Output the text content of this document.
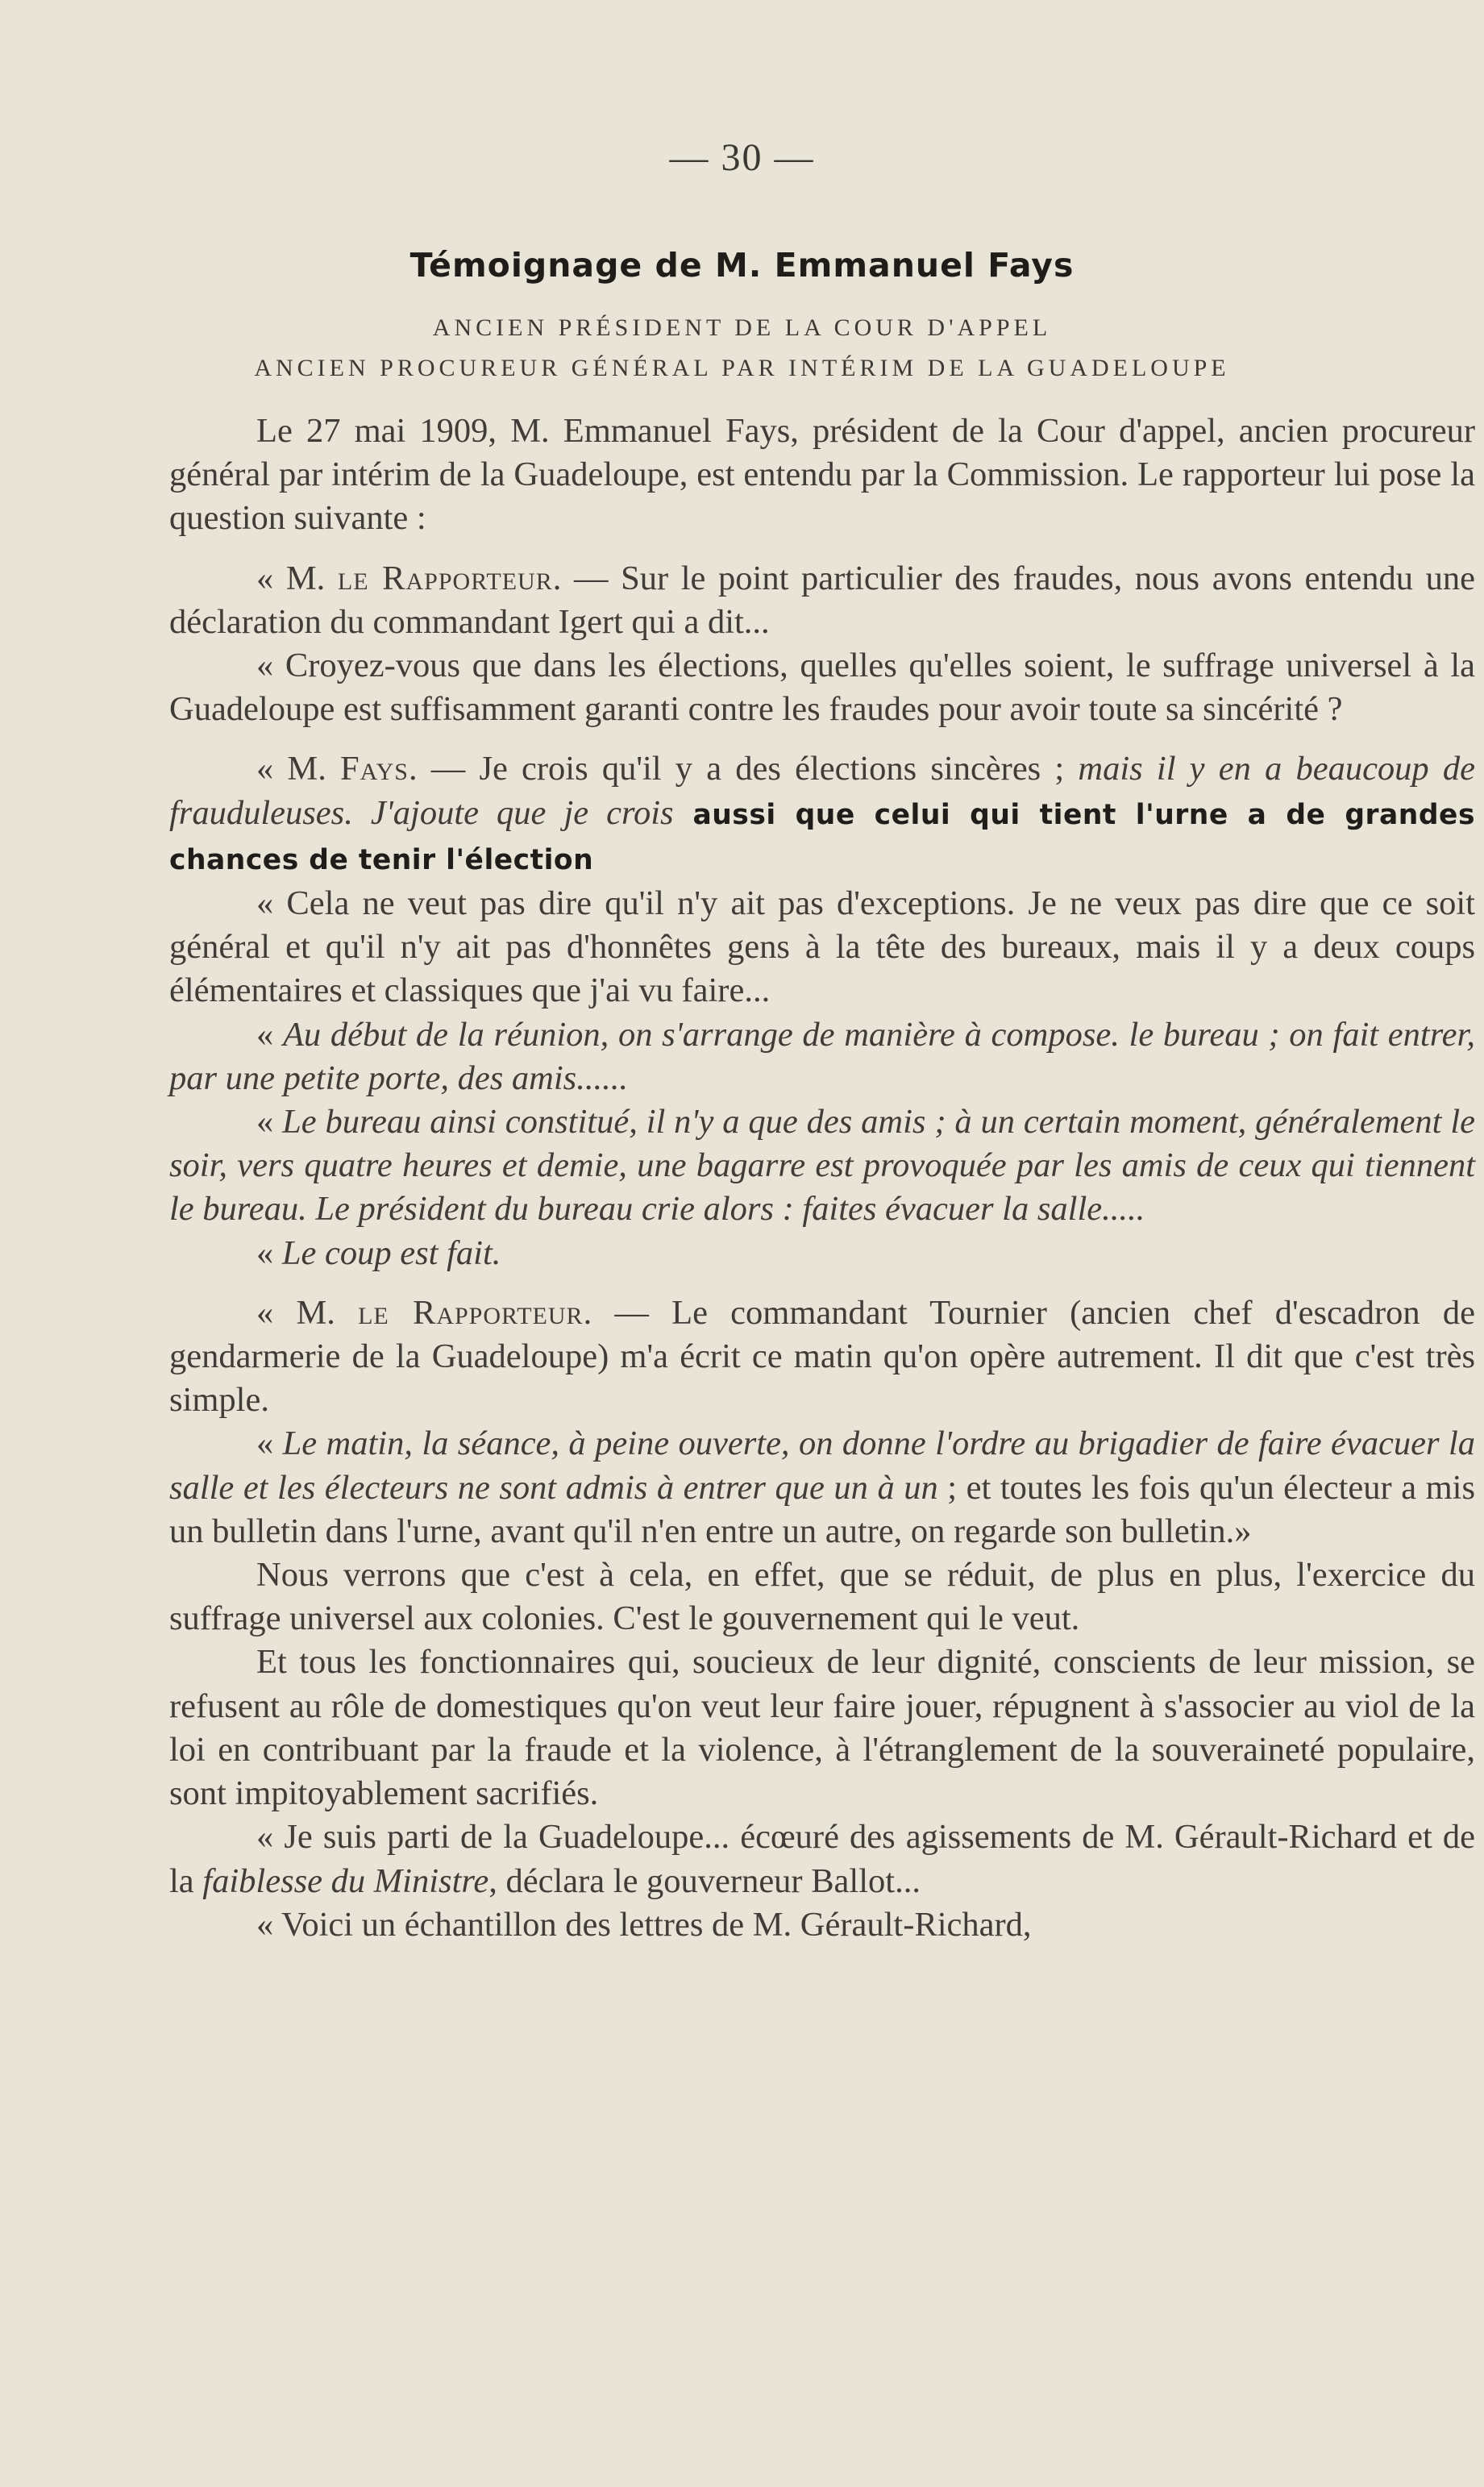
— 30 —
Témoignage de M. Emmanuel Fays
ANCIEN PRÉSIDENT DE LA COUR D'APPEL
ANCIEN PROCUREUR GÉNÉRAL PAR INTÉRIM DE LA GUADELOUPE

Le 27 mai 1909, M. Emmanuel Fays, président de la Cour d'appel, ancien procureur général par intérim de la Guadeloupe, est entendu par la Commission. Le rapporteur lui pose la question suivante :

« M. le Rapporteur. — Sur le point particulier des fraudes, nous avons entendu une déclaration du commandant Igert qui a dit...

« Croyez-vous que dans les élections, quelles qu'elles soient, le suffrage universel à la Guadeloupe est suffisamment garanti contre les fraudes pour avoir toute sa sincérité ?

« M. Fays. — Je crois qu'il y a des élections sincères ; mais il y en a beaucoup de frauduleuses. J'ajoute que je crois aussi que celui qui tient l'urne a de grandes chances de tenir l'élection

« Cela ne veut pas dire qu'il n'y ait pas d'exceptions. Je ne veux pas dire que ce soit général et qu'il n'y ait pas d'honnêtes gens à la tête des bureaux, mais il y a deux coups élémentaires et classiques que j'ai vu faire...

« Au début de la réunion, on s'arrange de manière à compose. le bureau ; on fait entrer, par une petite porte, des amis......

« Le bureau ainsi constitué, il n'y a que des amis ; à un certain moment, généralement le soir, vers quatre heures et demie, une bagarre est provoquée par les amis de ceux qui tiennent le bureau. Le président du bureau crie alors : faites évacuer la salle.....

« Le coup est fait.

« M. le Rapporteur. — Le commandant Tournier (ancien chef d'escadron de gendarmerie de la Guadeloupe) m'a écrit ce matin qu'on opère autrement. Il dit que c'est très simple.

« Le matin, la séance, à peine ouverte, on donne l'ordre au brigadier de faire évacuer la salle et les électeurs ne sont admis à entrer que un à un ; et toutes les fois qu'un électeur a mis un bulletin dans l'urne, avant qu'il n'en entre un autre, on regarde son bulletin.»

Nous verrons que c'est à cela, en effet, que se réduit, de plus en plus, l'exercice du suffrage universel aux colonies. C'est le gouvernement qui le veut.

Et tous les fonctionnaires qui, soucieux de leur dignité, conscients de leur mission, se refusent au rôle de domestiques qu'on veut leur faire jouer, répugnent à s'associer au viol de la loi en contribuant par la fraude et la violence, à l'étranglement de la souveraineté populaire, sont impitoyablement sacrifiés.

« Je suis parti de la Guadeloupe... écœuré des agissements de M. Gérault-Richard et de la faiblesse du Ministre, déclara le gouverneur Ballot...

« Voici un échantillon des lettres de M. Gérault-Richard,
